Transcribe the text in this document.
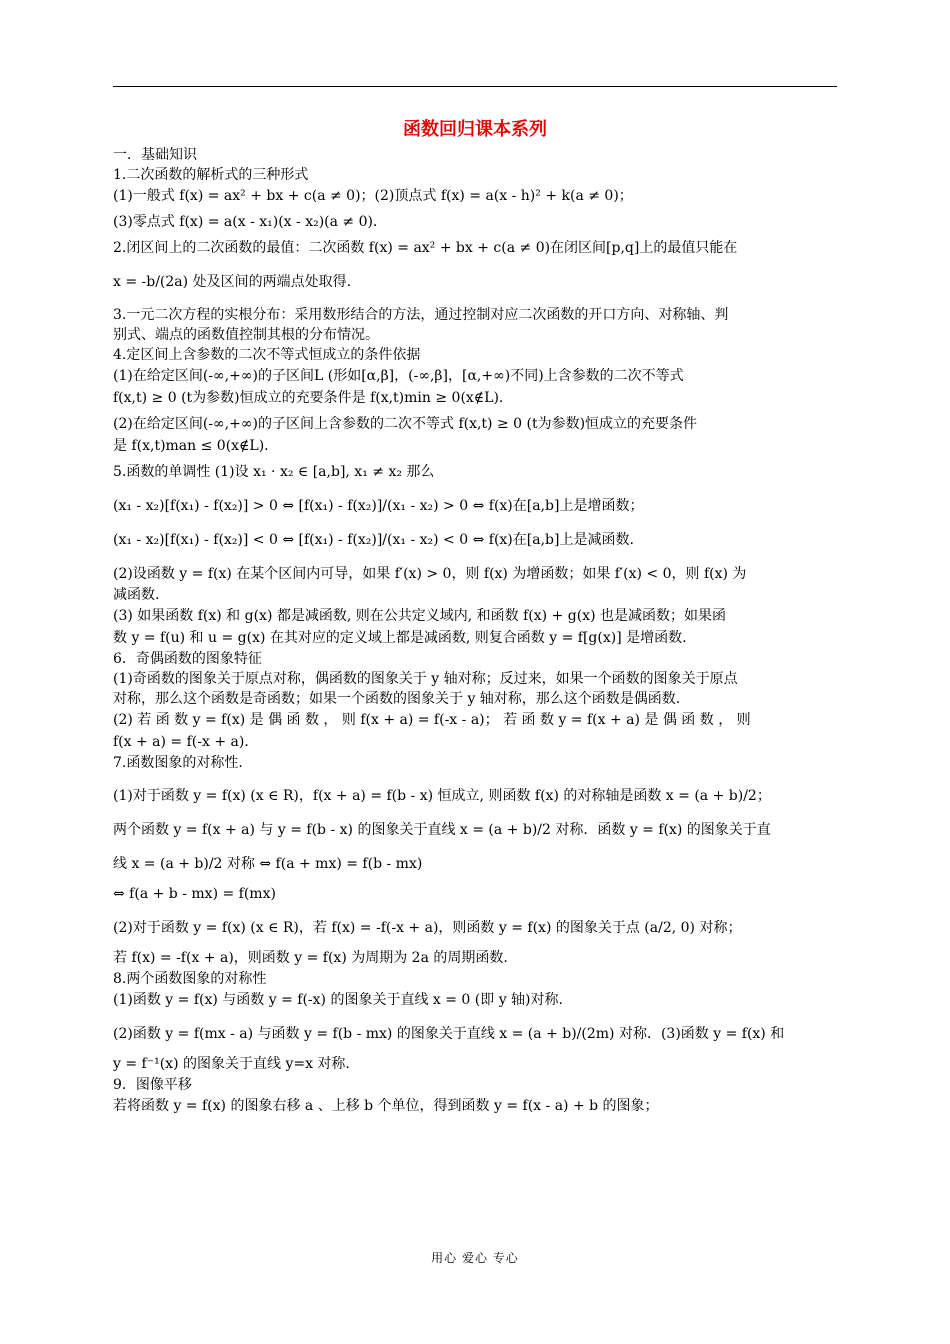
函数回归课本系列
一．基础知识
1.二次函数的解析式的三种形式
(1)一般式 f(x) = ax² + bx + c(a ≠ 0)；(2)顶点式 f(x) = a(x - h)² + k(a ≠ 0)；
(3)零点式 f(x) = a(x - x₁)(x - x₂)(a ≠ 0)．
2.闭区间上的二次函数的最值：二次函数 f(x) = ax² + bx + c(a ≠ 0)在闭区间[p,q]上的最值只能在
x = -b/(2a) 处及区间的两端点处取得.
3.一元二次方程的实根分布：采用数形结合的方法，通过控制对应二次函数的开口方向、对称轴、判
别式、端点的函数值控制其根的分布情况。
4.定区间上含参数的二次不等式恒成立的条件依据
(1)在给定区间(-∞,+∞)的子区间L (形如[α,β]，(-∞,β]，[α,+∞)不同)上含参数的二次不等式
f(x,t) ≥ 0 (t为参数)恒成立的充要条件是 f(x,t)min ≥ 0(x∉L)．
(2)在给定区间(-∞,+∞)的子区间上含参数的二次不等式 f(x,t) ≥ 0 (t为参数)恒成立的充要条件
是 f(x,t)man ≤ 0(x∉L)．
5.函数的单调性 (1)设 x₁ · x₂ ∈ [a,b], x₁ ≠ x₂ 那么
(x₁ - x₂)[f(x₁) - f(x₂)] > 0 ⇔ [f(x₁) - f(x₂)]/(x₁ - x₂) > 0 ⇔ f(x)在[a,b]上是增函数；
(x₁ - x₂)[f(x₁) - f(x₂)] < 0 ⇔ [f(x₁) - f(x₂)]/(x₁ - x₂) < 0 ⇔ f(x)在[a,b]上是减函数.
(2)设函数 y = f(x) 在某个区间内可导，如果 f′(x) > 0，则 f(x) 为增函数；如果 f′(x) < 0，则 f(x) 为
减函数.
(3) 如果函数 f(x) 和 g(x) 都是减函数, 则在公共定义域内, 和函数 f(x) + g(x) 也是减函数；如果函
数 y = f(u) 和 u = g(x) 在其对应的定义域上都是减函数, 则复合函数 y = f[g(x)] 是增函数.
6．奇偶函数的图象特征
(1)奇函数的图象关于原点对称，偶函数的图象关于 y 轴对称；反过来，如果一个函数的图象关于原点
对称，那么这个函数是奇函数；如果一个函数的图象关于 y 轴对称，那么这个函数是偶函数.
(2) 若 函 数 y = f(x) 是 偶 函 数 ， 则 f(x + a) = f(-x - a)； 若 函 数 y = f(x + a) 是 偶 函 数 ， 则
f(x + a) = f(-x + a)．
7.函数图象的对称性.
(1)对于函数 y = f(x) (x ∈ R)，f(x + a) = f(b - x) 恒成立, 则函数 f(x) 的对称轴是函数 x = (a + b)/2；
两个函数 y = f(x + a) 与 y = f(b - x) 的图象关于直线 x = (a + b)/2 对称．函数 y = f(x) 的图象关于直
线 x = (a + b)/2 对称 ⇔ f(a + mx) = f(b - mx)
⇔ f(a + b - mx) = f(mx)
(2)对于函数 y = f(x) (x ∈ R)，若 f(x) = -f(-x + a)，则函数 y = f(x) 的图象关于点 (a/2, 0) 对称；
若 f(x) = -f(x + a)，则函数 y = f(x) 为周期为 2a 的周期函数.
8.两个函数图象的对称性
(1)函数 y = f(x) 与函数 y = f(-x) 的图象关于直线 x = 0 (即 y 轴)对称.
(2)函数 y = f(mx - a) 与函数 y = f(b - mx) 的图象关于直线 x = (a + b)/(2m) 对称．(3)函数 y = f(x) 和
y = f⁻¹(x) 的图象关于直线 y=x 对称.
9．图像平移
若将函数 y = f(x) 的图象右移 a 、上移 b 个单位，得到函数 y = f(x - a) + b 的图象；
用心 爱心 专心
